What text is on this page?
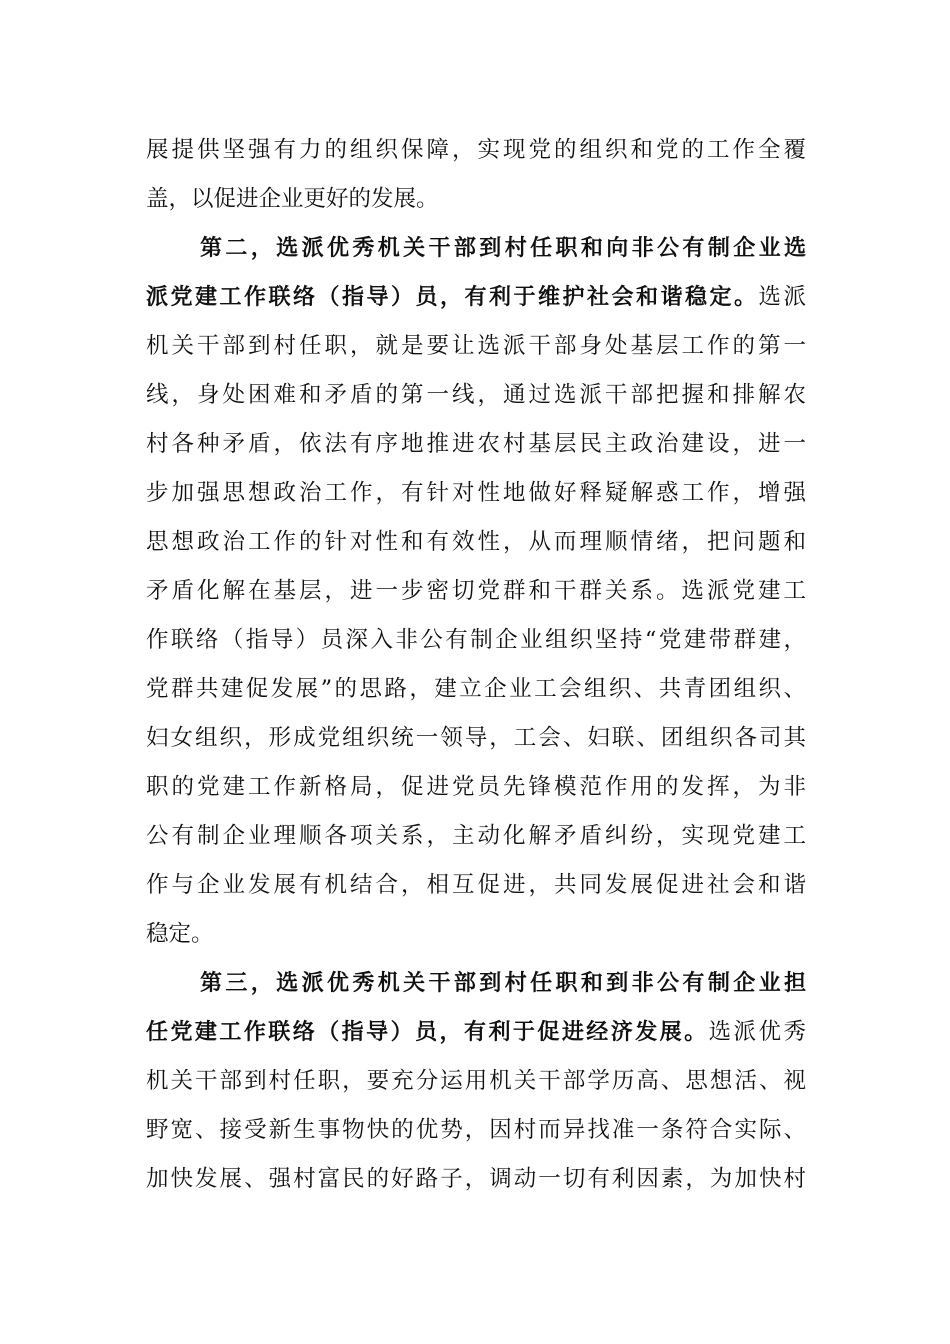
展提供坚强有力的组织保障，实现党的组织和党的工作全覆
盖，以促进企业更好的发展。
第二，选派优秀机关干部到村任职和向非公有制企业选
派党建工作联络（指导）员，有利于维护社会和谐稳定。选派
机关干部到村任职，就是要让选派干部身处基层工作的第一
线，身处困难和矛盾的第一线，通过选派干部把握和排解农
村各种矛盾，依法有序地推进农村基层民主政治建设，进一
步加强思想政治工作，有针对性地做好释疑解惑工作，增强
思想政治工作的针对性和有效性，从而理顺情绪，把问题和
矛盾化解在基层，进一步密切党群和干群关系。选派党建工
作联络（指导）员深入非公有制企业组织坚持“党建带群建，
党群共建促发展”的思路，建立企业工会组织、共青团组织、
妇女组织，形成党组织统一领导，工会、妇联、团组织各司其
职的党建工作新格局，促进党员先锋模范作用的发挥，为非
公有制企业理顺各项关系，主动化解矛盾纠纷，实现党建工
作与企业发展有机结合，相互促进，共同发展促进社会和谐
稳定。
第三，选派优秀机关干部到村任职和到非公有制企业担
任党建工作联络（指导）员，有利于促进经济发展。选派优秀
机关干部到村任职，要充分运用机关干部学历高、思想活、视
野宽、接受新生事物快的优势，因村而异找准一条符合实际、
加快发展、强村富民的好路子，调动一切有利因素，为加快村
